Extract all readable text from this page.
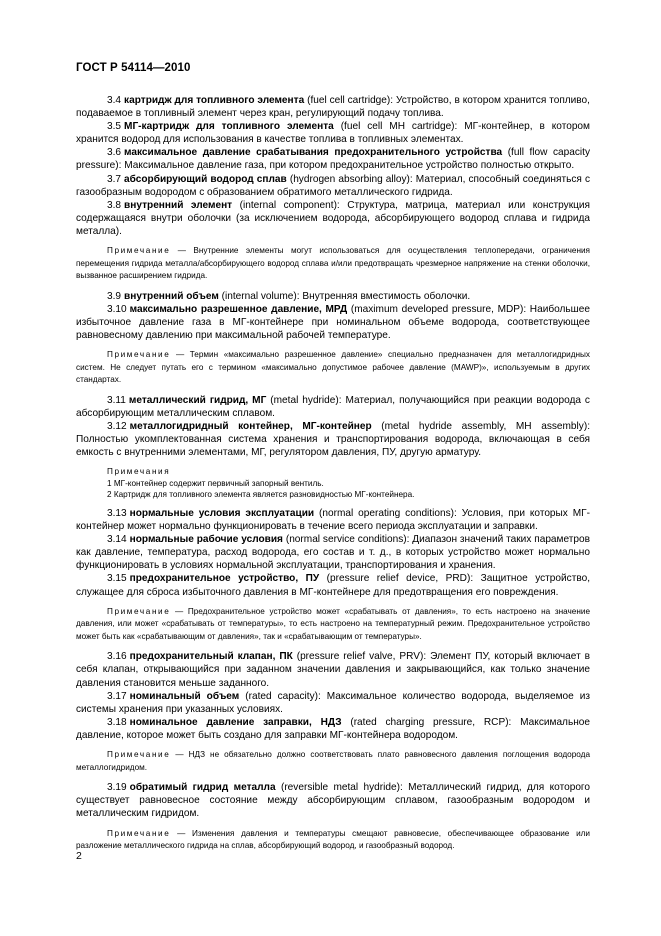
ГОСТ Р 54114—2010

3.4 картридж для топливного элемента (fuel cell cartridge): Устройство, в котором хранится топливо, подаваемое в топливный элемент через кран, регулирующий подачу топлива.

3.5 МГ-картридж для топливного элемента (fuel cell MH cartridge): МГ-контейнер, в котором хранится водород для использования в качестве топлива в топливных элементах.

3.6 максимальное давление срабатывания предохранительного устройства (full flow capacity pressure): Максимальное давление газа, при котором предохранительное устройство полностью открыто.

3.7 абсорбирующий водород сплав (hydrogen absorbing alloy): Материал, способный соединяться с газообразным водородом с образованием обратимого металлического гидрида.

3.8 внутренний элемент (internal component): Структура, матрица, материал или конструкция содержащаяся внутри оболочки (за исключением водорода, абсорбирующего водород сплава и гидрида металла).

Примечание — Внутренние элементы могут использоваться для осуществления теплопередачи, ограничения перемещения гидрида металла/абсорбирующего водород сплава и/или предотвращать чрезмерное напряжение на стенки оболочки, вызванное расширением гидрида.

3.9 внутренний объем (internal volume): Внутренняя вместимость оболочки.

3.10 максимально разрешенное давление, МРД (maximum developed pressure, MDP): Наибольшее избыточное давление газа в МГ-контейнере при номинальном объеме водорода, соответствующее равновесному давлению при максимальной рабочей температуре.

Примечание — Термин «максимально разрешенное давление» специально предназначен для металлогидридных систем. Не следует путать его с термином «максимально допустимое рабочее давление (MAWP)», используемым в других стандартах.

3.11 металлический гидрид, МГ (metal hydride): Материал, получающийся при реакции водорода с абсорбирующим металлическим сплавом.

3.12 металлогидридный контейнер, МГ-контейнер (metal hydride assembly, MH assembly): Полностью укомплектованная система хранения и транспортирования водорода, включающая в себя емкость с внутренними элементами, МГ, регулятором давления, ПУ, другую арматуру.

Примечания

1 МГ-контейнер содержит первичный запорный вентиль.

2 Картридж для топливного элемента является разновидностью МГ-контейнера.

3.13 нормальные условия эксплуатации (normal operating conditions): Условия, при которых МГ-контейнер может нормально функционировать в течение всего периода эксплуатации и заправки.

3.14 нормальные рабочие условия (normal service conditions): Диапазон значений таких параметров как давление, температура, расход водорода, его состав и т. д., в которых устройство может нормально функционировать в условиях нормальной эксплуатации, транспортирования и хранения.

3.15 предохранительное устройство, ПУ (pressure relief device, PRD): Защитное устройство, служащее для сброса избыточного давления в МГ-контейнере для предотвращения его повреждения.

Примечание — Предохранительное устройство может «срабатывать от давления», то есть настроено на значение давления, или может «срабатывать от температуры», то есть настроено на температурный режим. Предохранительное устройство может быть как «срабатывающим от давления», так и «срабатывающим от температуры».

3.16 предохранительный клапан, ПК (pressure relief valve, PRV): Элемент ПУ, который включает в себя клапан, открывающийся при заданном значении давления и закрывающийся, как только значение давления становится меньше заданного.

3.17 номинальный объем (rated capacity): Максимальное количество водорода, выделяемое из системы хранения при указанных условиях.

3.18 номинальное давление заправки, НДЗ (rated charging pressure, RCP): Максимальное давление, которое может быть создано для заправки МГ-контейнера водородом.

Примечание — НДЗ не обязательно должно соответствовать плато равновесного давления поглощения водорода металлогидридом.

3.19 обратимый гидрид металла (reversible metal hydride): Металлический гидрид, для которого существует равновесное состояние между абсорбирующим сплавом, газообразным водородом и металлическим гидридом.

Примечание — Изменения давления и температуры смещают равновесие, обеспечивающее образование или разложение металлического гидрида на сплав, абсорбирующий водород, и газообразный водород.

2
